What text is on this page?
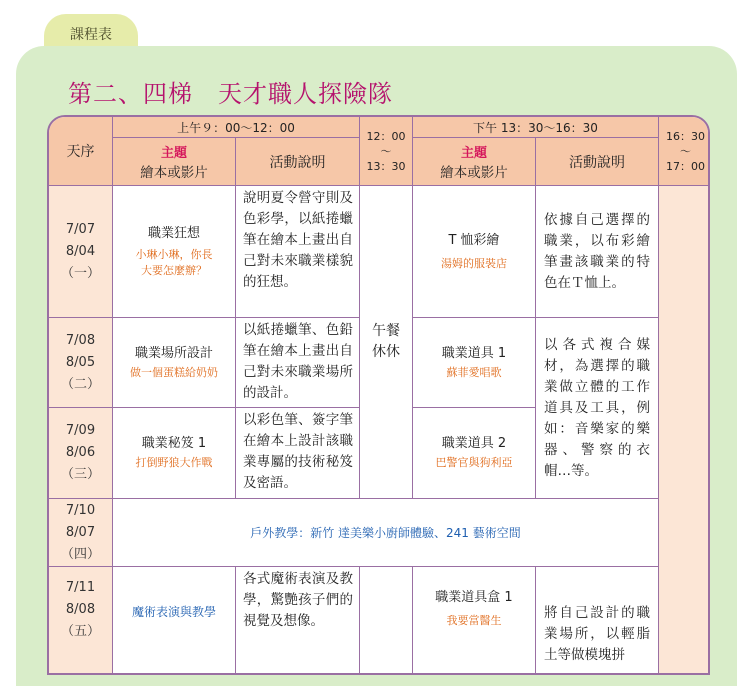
課程表
第二、四梯　天才職人探險隊
天序
上午９：00～12：00
主題
繪本或影片
活動說明
12：00
～
13：30
下午 13：30～16：30
主題
繪本或影片
活動說明
16：30
～
17：00
7/07
8/04
（一）
職業狂想
小琳小琳，你長
大要怎麼辦？
說明夏令營守則及色彩學，以紙捲蠟筆在繪本上畫出自己對未來職業樣貌的狂想。
午餐
休休
T 恤彩繪
湯姆的服裝店
依據自己選擇的職業，以布彩繪筆畫該職業的特色在Ｔ恤上。
7/08
8/05
（二）
職業場所設計
做一個蛋糕給奶奶
以紙捲蠟筆、色鉛筆在繪本上畫出自己對未來職業場所的設計。
職業道具 1
蘇菲愛唱歌
以各式複合媒材，為選擇的職業做立體的工作道具及工具，例如：音樂家的樂器、警察的衣帽…等。
7/09
8/06
（三）
職業秘笈 1
打倒野狼大作戰
以彩色筆、簽字筆在繪本上設計該職業專屬的技術秘笈及密語。
職業道具 2
巴警官與狗利亞
7/10
8/07
（四）
戶外教學：新竹 達美樂小廚師體驗、241 藝術空間
7/11
8/08
（五）
魔術表演與教學
各式魔術表演及教學，驚艷孩子們的視覺及想像。
職業道具盒 1
我要當醫生	將自己設計的職業場所，以輕脂土等做模塊拼
